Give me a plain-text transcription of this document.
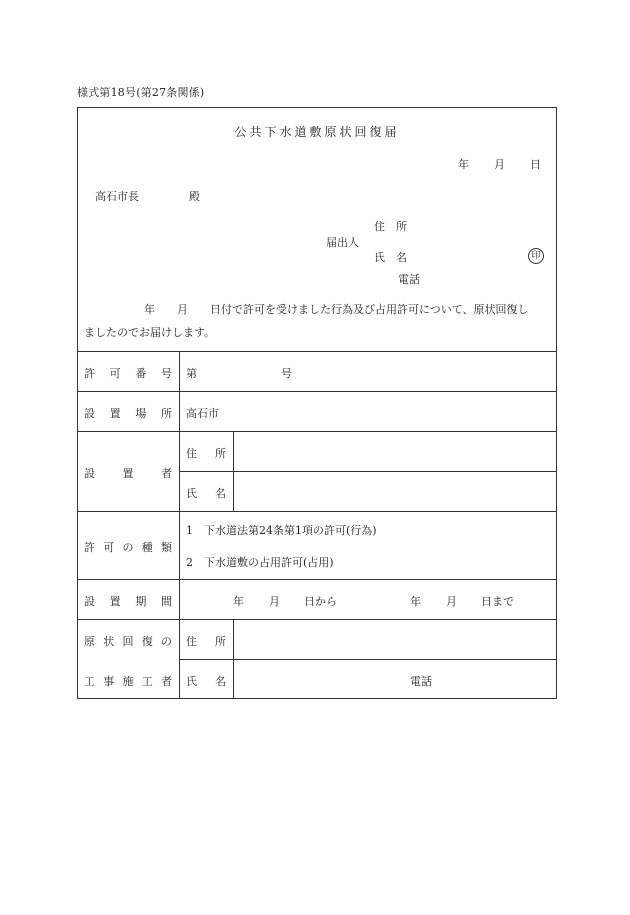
様式第18号(第27条関係)
公共下水道敷原状回復届
年 月 日
高石市長	殿
住　所
届出人
氏　名	印
電話
年　　月　　日付で許可を受けました行為及び占用許可について、原状回復し
ましたのでお届けします。
許 可 番 号 第	号
設 置 場 所 高石市
設	置	者
住 所
氏 名
許 可 の 種 類
1　下水道法第24条第1項の許可(行為)
2　下水道敷の占用許可(占用)
設 置 期 間	年 月 日から	年 月 日まで
原 状 回 復 の
工 事 施 工 者
住 所
氏 名	電話
